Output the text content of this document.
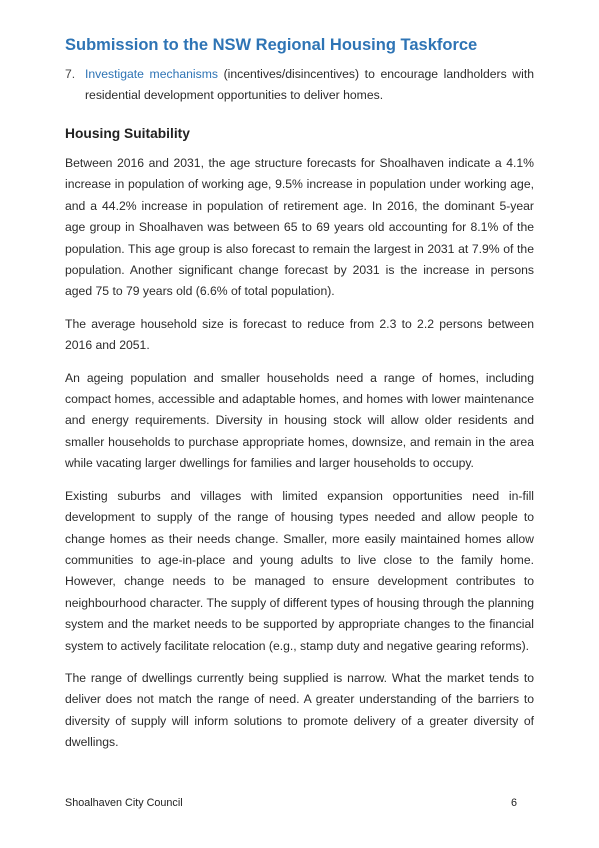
Submission to the NSW Regional Housing Taskforce
7. Investigate mechanisms (incentives/disincentives) to encourage landholders with residential development opportunities to deliver homes.
Housing Suitability

Between 2016 and 2031, the age structure forecasts for Shoalhaven indicate a 4.1% increase in population of working age, 9.5% increase in population under working age, and a 44.2% increase in population of retirement age. In 2016, the dominant 5-year age group in Shoalhaven was between 65 to 69 years old accounting for 8.1% of the population. This age group is also forecast to remain the largest in 2031 at 7.9% of the population. Another significant change forecast by 2031 is the increase in persons aged 75 to 79 years old (6.6% of total population).

The average household size is forecast to reduce from 2.3 to 2.2 persons between 2016 and 2051.

An ageing population and smaller households need a range of homes, including compact homes, accessible and adaptable homes, and homes with lower maintenance and energy requirements. Diversity in housing stock will allow older residents and smaller households to purchase appropriate homes, downsize, and remain in the area while vacating larger dwellings for families and larger households to occupy.

Existing suburbs and villages with limited expansion opportunities need in-fill development to supply of the range of housing types needed and allow people to change homes as their needs change. Smaller, more easily maintained homes allow communities to age-in-place and young adults to live close to the family home. However, change needs to be managed to ensure development contributes to neighbourhood character. The supply of different types of housing through the planning system and the market needs to be supported by appropriate changes to the financial system to actively facilitate relocation (e.g., stamp duty and negative gearing reforms).

The range of dwellings currently being supplied is narrow. What the market tends to deliver does not match the range of need. A greater understanding of the barriers to diversity of supply will inform solutions to promote delivery of a greater diversity of dwellings.

Shoalhaven City Council	6
